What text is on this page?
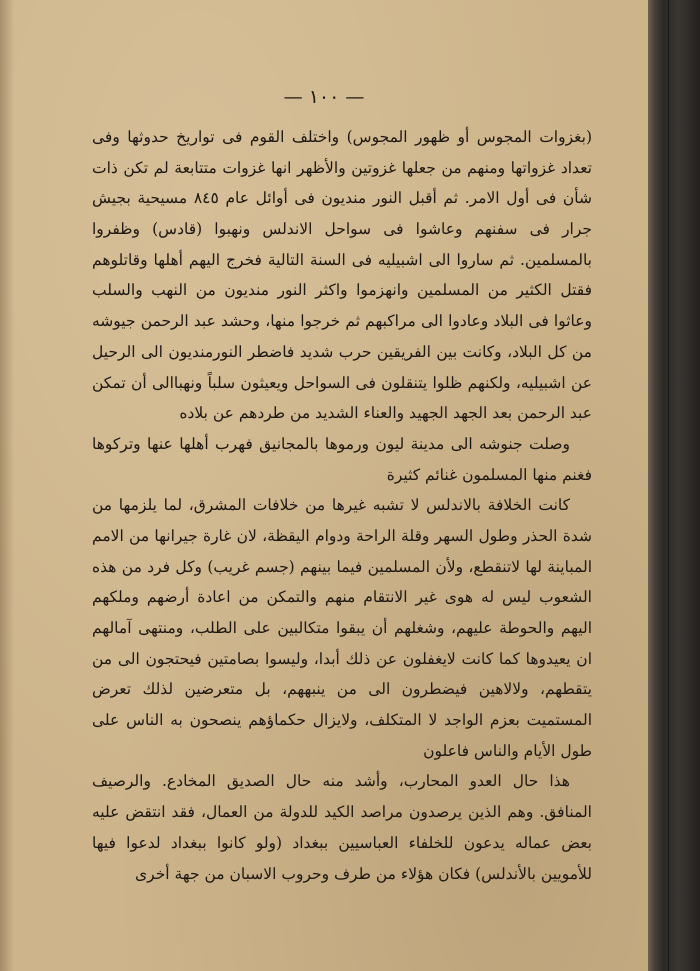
— ١٠٠ —

(بغزوات المجوس أو ظهور المجوس) واختلف القوم فى تواريخ حدوثها وفى تعداد غزواتها ومنهم من جعلها غزوتين والأظهر انها غزوات متتابعة لم تكن ذات شأن فى أول الامر. ثم أقبل النور منديون فى أوائل عام ٨٤٥ مسيحية بجيش جرار فى سفنهم وعاشوا فى سواحل الاندلس ونهبوا (قادس) وظفروا بالمسلمين. ثم ساروا الى اشبيليه فى السنة التالية فخرج اليهم أهلها وقاتلوهم فقتل الكثير من المسلمين وانهزموا واكثر النور منديون من النهب والسلب وعاثوا فى البلاد وعادوا الى مراكبهم ثم خرجوا منها، وحشد عبد الرحمن جيوشه من كل البلاد، وكانت بين الفريقين حرب شديد فاضطر النورمنديون الى الرحيل عن اشبيليه، ولكنهم ظلوا يتنقلون فى السواحل ويعيثون سلباً ونهباالى أن تمكن عبد الرحمن بعد الجهد الجهيد والعناء الشديد من طردهم عن بلاده

وصلت جنوشه الى مدينة ليون ورموها بالمجانيق فهرب أهلها عنها وتركوها فغنم منها المسلمون غنائم كثيرة

كانت الخلافة بالاندلس لا تشبه غيرها من خلافات المشرق، لما يلزمها من شدة الحذر وطول السهر وقلة الراحة ودوام اليقظة، لان غارة جيرانها من الامم المباينة لها لاتنقطع، ولأن المسلمين فيما بينهم (جسم غريب) وكل فرد من هذه الشعوب ليس له هوى غير الانتقام منهم والتمكن من اعادة أرضهم وملكهم اليهم والحوطة عليهم، وشغلهم أن يبقوا متكالبين على الطلب، ومنتهى آمالهم ان يعيدوها كما كانت لايغفلون عن ذلك أبدا، وليسوا بصامتين فيحتجون الى من يتقطهم، ولالاهين فيضطرون الى من ينبههم، بل متعرضين لذلك تعرض المستميت بعزم الواجد لا المتكلف، ولايزال حكماؤهم ينصحون به الناس على طول الأيام والناس فاعلون

هذا حال العدو المحارب، وأشد منه حال الصديق المخادع. والرصيف المنافق. وهم الذين يرصدون مراصد الكيد للدولة من العمال، فقد انتقض عليه بعض عماله يدعون للخلفاء العباسيين ببغداد (ولو كانوا ببغداد لدعوا فيها للأمويين بالأندلس) فكان هؤلاء من طرف وحروب الاسبان من جهة أخرى
